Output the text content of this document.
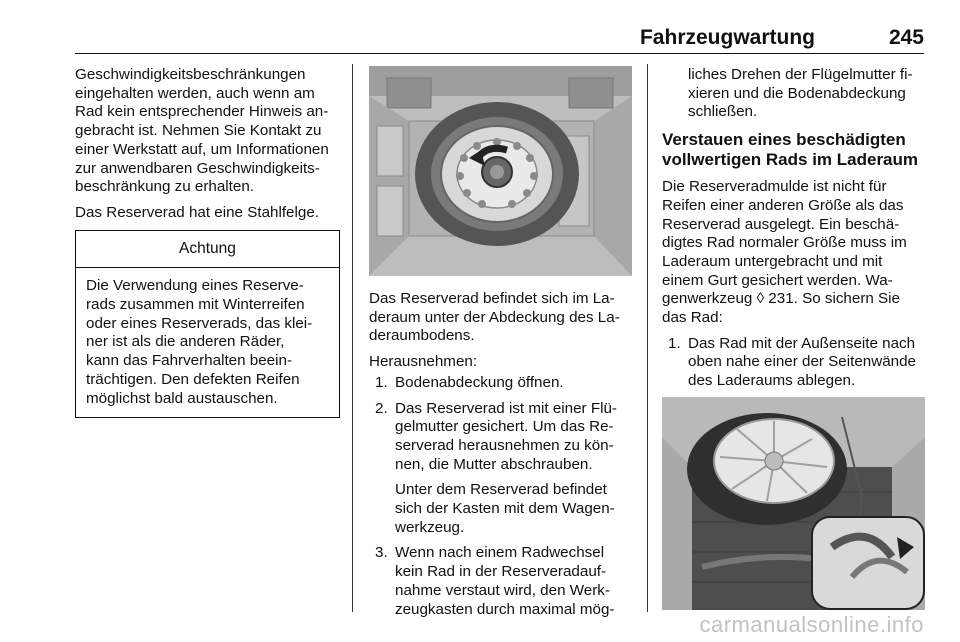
Fahrzeugwartung	245

Geschwindigkeitsbeschränkungen
eingehalten werden, auch wenn am
Rad kein entsprechender Hinweis an-
gebracht ist. Nehmen Sie Kontakt zu
einer Werkstatt auf, um Informationen
zur anwendbaren Geschwindigkeits-
beschränkung zu erhalten.

Das Reserverad hat eine Stahlfelge.

Achtung
Die Verwendung eines Reserve-
rads zusammen mit Winterreifen
oder eines Reserverads, das klei-
ner ist als die anderen Räder,
kann das Fahrverhalten beein-
trächtigen. Den defekten Reifen
möglichst bald austauschen.

Das Reserverad befindet sich im La-
deraum unter der Abdeckung des La-
deraumbodens.

Herausnehmen:

1. Bodenabdeckung öffnen.
2. Das Reserverad ist mit einer Flü-
gelmutter gesichert. Um das Re-
serverad herausnehmen zu kön-
nen, die Mutter abschrauben.
Unter dem Reserverad befindet
sich der Kasten mit dem Wagen-
werkzeug.
3. Wenn nach einem Radwechsel
kein Rad in der Reserveradauf-
nahme verstaut wird, den Werk-
zeugkasten durch maximal mög-
liches Drehen der Flügelmutter fi-
xieren und die Bodenabdeckung
schließen.
Verstauen eines beschädigten
vollwertigen Rads im Laderaum

Die Reserveradmulde ist nicht für
Reifen einer anderen Größe als das
Reserverad ausgelegt. Ein beschä-
digtes Rad normaler Größe muss im
Laderaum untergebracht und mit
einem Gurt gesichert werden. Wa-
genwerkzeug ◊ 231. So sichern Sie
das Rad:

1. Das Rad mit der Außenseite nach
oben nahe einer der Seitenwände
des Laderaums ablegen.
carmanualsonline.info
